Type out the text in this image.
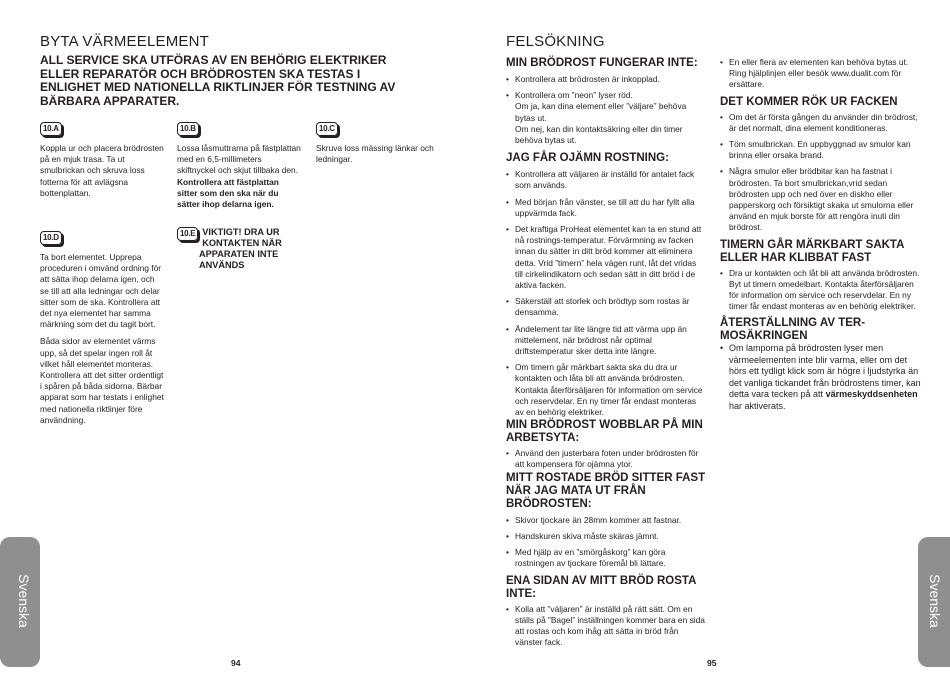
BYTA VÄRMEELEMENT

ALL SERVICE SKA UTFÖRAS AV EN BEHÖRIG ELEKTRIKER ELLER REPARATÖR OCH BRÖDROSTEN SKA TESTAS I ENLIGHET MED NATIONELLA RIKTLINJER FÖR TESTNING AV BÄRBARA APPARATER.

10.A
Koppla ur och placera brödrosten på en mjuk trasa. Ta ut smulbrickan och skruva loss fotterna för att avlägsna bottenplattan.
10.B
Lossa låsmuttrarna på fästplattan med en 6,5-millimeters skiftnyckel och skjut tillbaka den. Kontrollera att fästplattan sitter som den ska när du sätter ihop delarna igen.
10.C
Skruva loss mässing länkar och ledningar.
10.D
Ta bort elementet. Upprepa proceduren i omvänd ordning för att sätta ihop delarna igen, och se till att alla ledningar och delar sitter som de ska. Kontrollera att det nya elementet har samma märkning som det du tagit bort.
Båda sidor av elementet värms upp, så det spelar ingen roll åt vilket håll elementet monteras. Kontrollera att det sitter ordentligt i spåren på båda sidorna. Bärbar apparat som har testats i enlighet med nationella riktlinjer före användning.
10.E VIKTIGT! DRA UR KONTAKTEN NÄR APPARATEN INTE ANVÄNDS
Svenska
94
FELSÖKNING

MIN BRÖDROST FUNGERAR INTE:

• Kontrollera att brödrosten är inkopplad.

• Kontrollera om ”neon” lyser röd.

Om ja, kan dina element eller ”väljare” behöva bytas ut.

Om nej, kan din kontaktsäkring eller din timer behöva bytas ut.

JAG FÅR OJÄMN ROSTNING:

• Kontrollera att väljaren är inställd för antalet fack som används.
• Med början från vänster, se till att du har fyllt alla uppvärmda fack.
• Det kraftiga ProHeat elementet kan ta en stund att nå rostnings-temperatur. Förvärmning av facken innan du sätter in ditt bröd kommer att eliminera detta. Vrid ”timern” hela vägen runt, låt det vridas till cirkelindikatorn och sedan sätt in ditt bröd i de aktiva facken.
• Säkerställ att storlek och brödtyp som rostas är densamma.
• Ändelement tar lite längre tid att värma upp än mittelement, när brödrost når optimal driftstemperatur sker detta inte längre.
• Om timern går märkbart sakta ska du dra ur kontakten och låta bli att använda brödrosten. Kontakta återförsäljaren för information om service och reservdelar. En ny timer får endast monteras av en behörig elektriker.

MIN BRÖDROST WOBBLAR PÅ MIN ARBETSYTA:

• Använd den justerbara foten under brödrosten för att kompensera för ojämna ytor.

MITT ROSTADE BRÖD SITTER FAST NÄR JAG MATA UT FRÅN BRÖDROSTEN:

• Skivor tjockare än 28mm kommer att fastnar.
• Handskuren skiva måste skäras jämnt.
• Med hjälp av en ”smörgåskorg” kan göra rostningen av tjockare föremål bli lättare.

ENA SIDAN AV MITT BRÖD ROSTA INTE:

• Kolla att ”väljaren” är inställd på rätt sätt. Om en ställs på ”Bagel” inställningen kommer bara en sida att rostas och kom ihåg att sätta in bröd från vänster fack.
• En eller flera av elementen kan behöva bytas ut. Ring hjälplinjen eller besök www.dualit.com för ersättare.

DET KOMMER RÖK UR FACKEN

• Om det är första gången du använder din brödrost, är det normalt, dina element konditioneras.
• Töm smulbrickan. En uppbyggnad av smulor kan brinna eller orsaka brand.
• Några smulor eller brödbitar kan ha fastnat i brödrosten. Ta bort smulbrickan,vrid sedan brödrosten upp och ned över en diskho eller papperskorg och försiktigt skaka ut smulorna eller använd en mjuk borste för att rengöra inuti din brödrost.

TIMERN GÅR MÄRKBART SAKTA ELLER HAR KLIBBAT FAST

• Dra ur kontakten och låt bli att använda brödrosten. Byt ut timern omedelbart. Kontakta återförsäljaren för information om service och reservdelar. En ny timer får endast monteras av en behörig elektriker.

ÅTERSTÄLLNING AV TER-MOSÄKRINGEN

• Om lamporna på brödrosten lyser men värmeelementen inte blir varma, eller om det hörs ett tydligt klick som är högre i ljudstyrka än det vanliga tickandet från brödrostens timer, kan detta vara tecken på att värmeskyddsenheten har aktiverats.
Svenska
95
